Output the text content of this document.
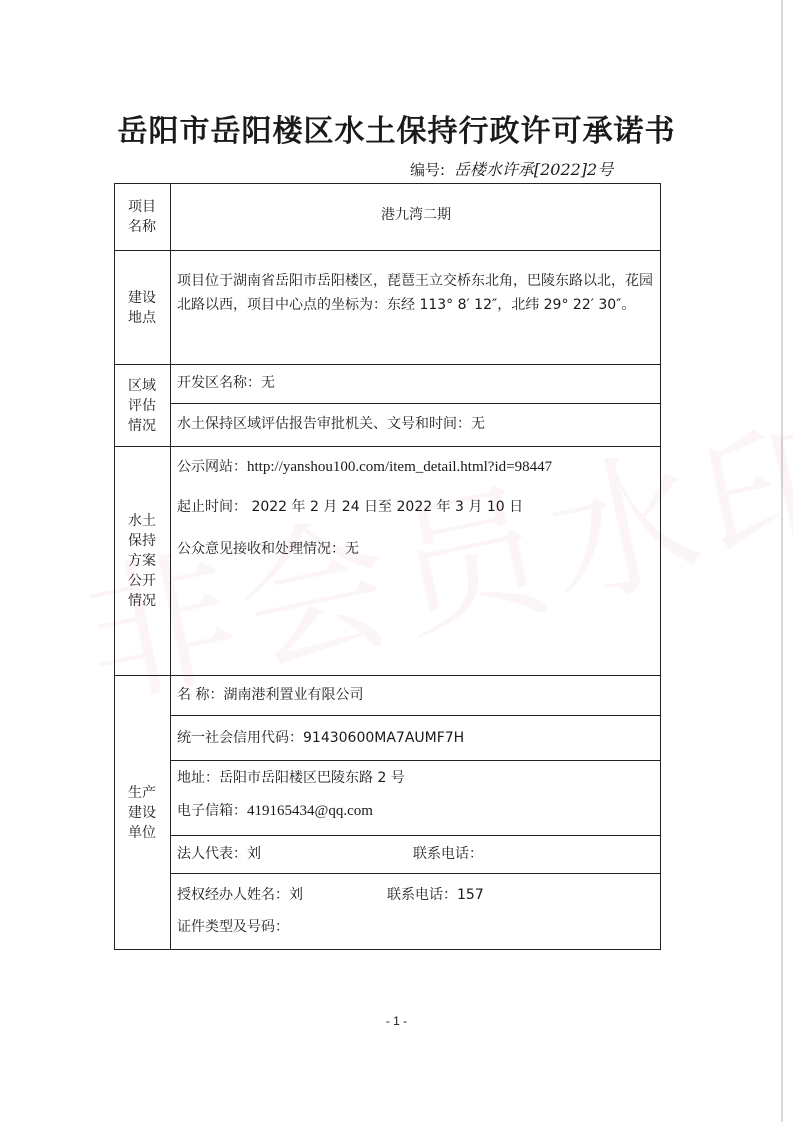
岳阳市岳阳楼区水土保持行政许可承诺书
编号: 岳楼水许承[2022]2号
项目名称
建设地点
区域评估情况
水土保持方案公开情况
生产建设单位
港九湾二期
项目位于湖南省岳阳市岳阳楼区，琵琶王立交桥东北角，巴陵东路以北，花园北路以西，项目中心点的坐标为：东经 113° 8′ 12″，北纬 29° 22′ 30″。
开发区名称：无
水土保持区域评估报告审批机关、文号和时间：无
公示网站：http://yanshou100.com/item_detail.html?id=98447
起止时间： 2022 年 2 月 24 日至 2022 年 3 月 10 日
公众意见接收和处理情况：无
名 称：湖南港利置业有限公司
统一社会信用代码：91430600MA7AUMF7H
地址：岳阳市岳阳楼区巴陵东路 2 号
电子信箱：419165434@qq.com
法人代表：刘	联系电话：
授权经办人姓名：刘	联系电话：157
证件类型及号码：
- 1 -
